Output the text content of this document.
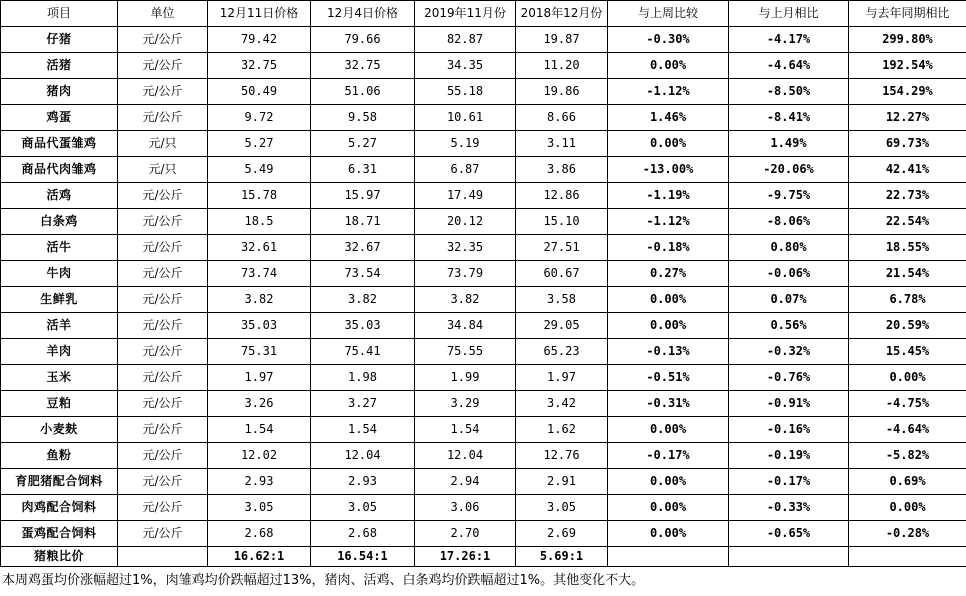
项目	单位	12月11日价格	12月4日价格	2019年11月份	2018年12月份	与上周比较	与上月相比	与去年同期相比
仔猪	元/公斤	79.42	79.66	82.87	19.87	-0.30%	-4.17%	299.80%
活猪	元/公斤	32.75	32.75	34.35	11.20	0.00%	-4.64%	192.54%
猪肉	元/公斤	50.49	51.06	55.18	19.86	-1.12%	-8.50%	154.29%
鸡蛋	元/公斤	9.72	9.58	10.61	8.66	1.46%	-8.41%	12.27%
商品代蛋雏鸡	元/只	5.27	5.27	5.19	3.11	0.00%	1.49%	69.73%
商品代肉雏鸡	元/只	5.49	6.31	6.87	3.86	-13.00%	-20.06%	42.41%
活鸡	元/公斤	15.78	15.97	17.49	12.86	-1.19%	-9.75%	22.73%
白条鸡	元/公斤	18.5	18.71	20.12	15.10	-1.12%	-8.06%	22.54%
活牛	元/公斤	32.61	32.67	32.35	27.51	-0.18%	0.80%	18.55%
牛肉	元/公斤	73.74	73.54	73.79	60.67	0.27%	-0.06%	21.54%
生鲜乳	元/公斤	3.82	3.82	3.82	3.58	0.00%	0.07%	6.78%
活羊	元/公斤	35.03	35.03	34.84	29.05	0.00%	0.56%	20.59%
羊肉	元/公斤	75.31	75.41	75.55	65.23	-0.13%	-0.32%	15.45%
玉米	元/公斤	1.97	1.98	1.99	1.97	-0.51%	-0.76%	0.00%
豆粕	元/公斤	3.26	3.27	3.29	3.42	-0.31%	-0.91%	-4.75%
小麦麸	元/公斤	1.54	1.54	1.54	1.62	0.00%	-0.16%	-4.64%
鱼粉	元/公斤	12.02	12.04	12.04	12.76	-0.17%	-0.19%	-5.82%
育肥猪配合饲料	元/公斤	2.93	2.93	2.94	2.91	0.00%	-0.17%	0.69%
肉鸡配合饲料	元/公斤	3.05	3.05	3.06	3.05	0.00%	-0.33%	0.00%
蛋鸡配合饲料	元/公斤	2.68	2.68	2.70	2.69	0.00%	-0.65%	-0.28%
猪粮比价		16.62:1	16.54:1	17.26:1	5.69:1			
本周鸡蛋均价涨幅超过1%，肉雏鸡均价跌幅超过13%，猪肉、活鸡、白条鸡均价跌幅超过1%。其他变化不大。
